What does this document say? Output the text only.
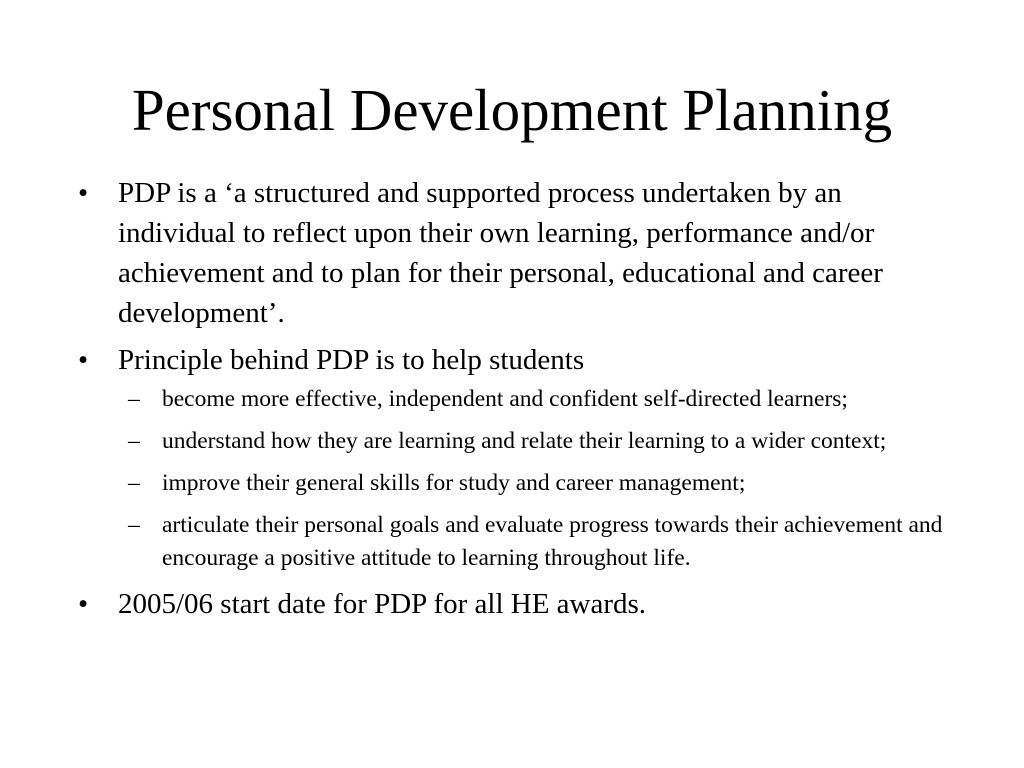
Personal Development Planning
• PDP is a ‘a structured and supported process undertaken by an individual to reflect upon their own learning, performance and/or achievement and to plan for their personal, educational and career development’.
• Principle behind PDP is to help students
– become more effective, independent and confident self-directed learners;
– understand how they are learning and relate their learning to a wider context;
– improve their general skills for study and career management;
– articulate their personal goals and evaluate progress towards their achievement and encourage a positive attitude to learning throughout life.
• 2005/06 start date for PDP for all HE awards.
